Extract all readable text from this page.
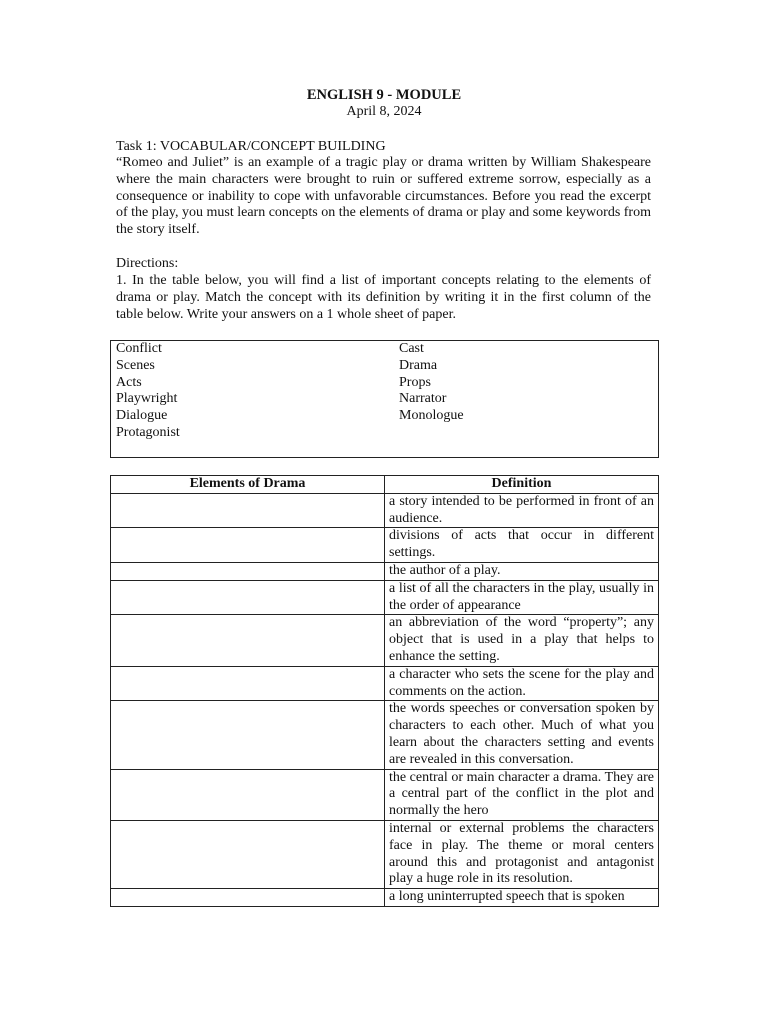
ENGLISH 9 - MODULE
April 8, 2024
Task 1: VOCABULAR/CONCEPT BUILDING
“Romeo and Juliet” is an example of a tragic play or drama written by William Shakespeare where the main characters were brought to ruin or suffered extreme sorrow, especially as a consequence or inability to cope with unfavorable circumstances. Before you read the excerpt of the play, you must learn concepts on the elements of drama or play and some keywords from the story itself.
Directions:
1. In the table below, you will find a list of important concepts relating to the elements of drama or play. Match the concept with its definition by writing it in the first column of the table below. Write your answers on a 1 whole sheet of paper.
Conflict
Scenes
Acts
Playwright
Dialogue
Protagonist
Cast
Drama
Props
Narrator
Monologue
Elements of Drama	Definition
	a story intended to be performed in front of an audience.
	divisions of acts that occur in different settings.
	the author of a play.
	a list of all the characters in the play, usually in the order of appearance
	an abbreviation of the word “property”; any object that is used in a play that helps to enhance the setting.
	a character who sets the scene for the play and comments on the action.
	the words speeches or conversation spoken by characters to each other. Much of what you learn about the characters setting and events are revealed in this conversation.
	the central or main character a drama. They are a central part of the conflict in the plot and normally the hero
	internal or external problems the characters face in play. The theme or moral centers around this and protagonist and antagonist play a huge role in its resolution.
	a long uninterrupted speech that is spoken
